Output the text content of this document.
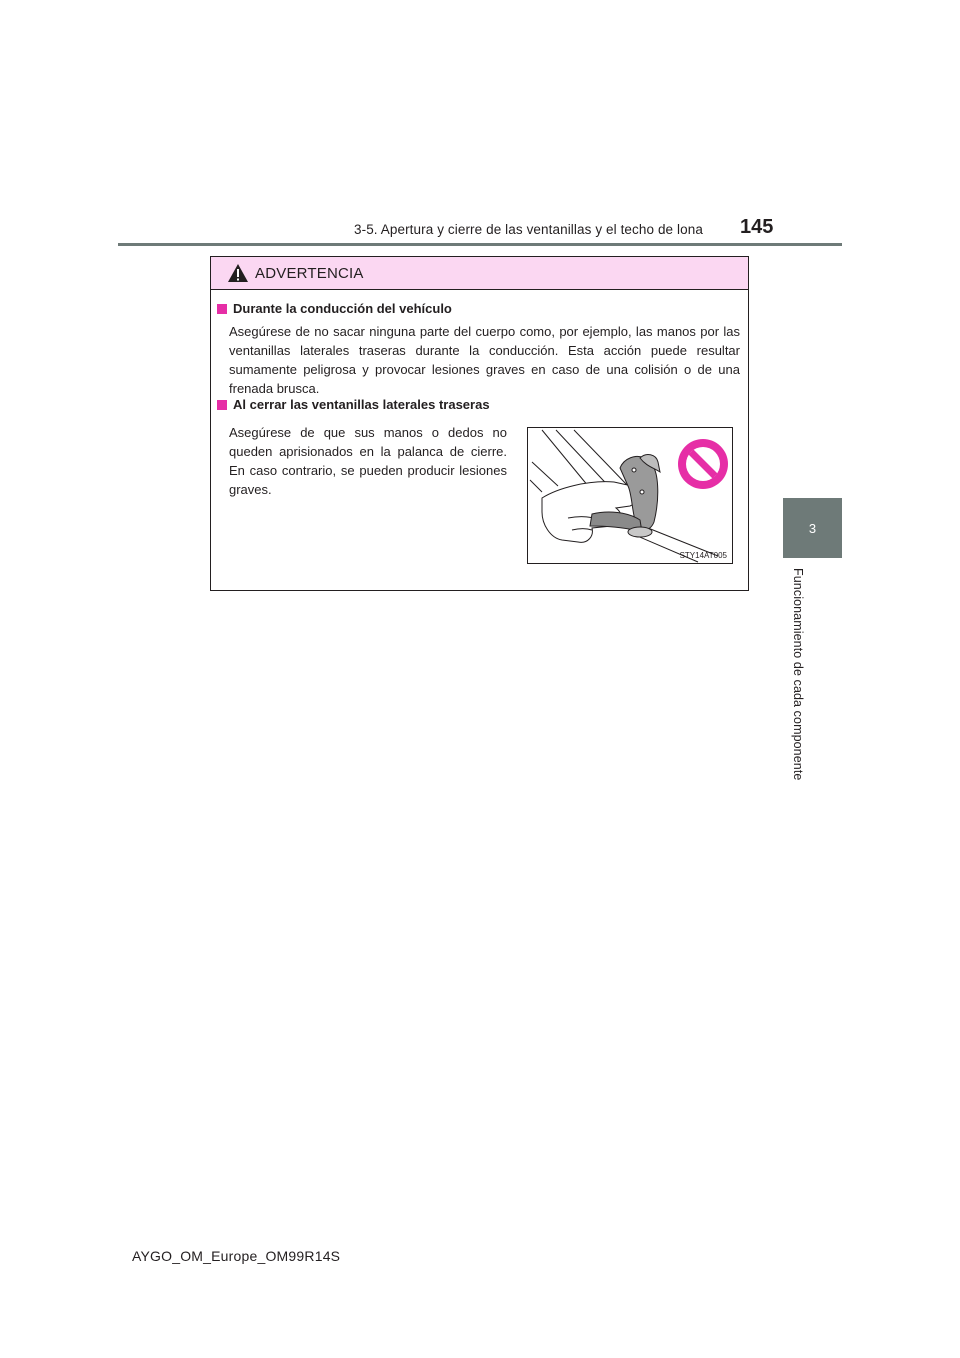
3-5. Apertura y cierre de las ventanillas y el techo de lona	145
3
Funcionamiento de cada componente
ADVERTENCIA
Durante la conducción del vehículo
Asegúrese de no sacar ninguna parte del cuerpo como, por ejemplo, las manos por las ventanillas laterales traseras durante la conducción. Esta acción puede resultar sumamente peligrosa y provocar lesiones graves en caso de una colisión o de una frenada brusca.
Al cerrar las ventanillas laterales traseras
Asegúrese de que sus manos o dedos no queden aprisionados en la palanca de cierre. En caso contrario, se pueden producir lesiones graves.
STY14AT005
AYGO_OM_Europe_OM99R14S
